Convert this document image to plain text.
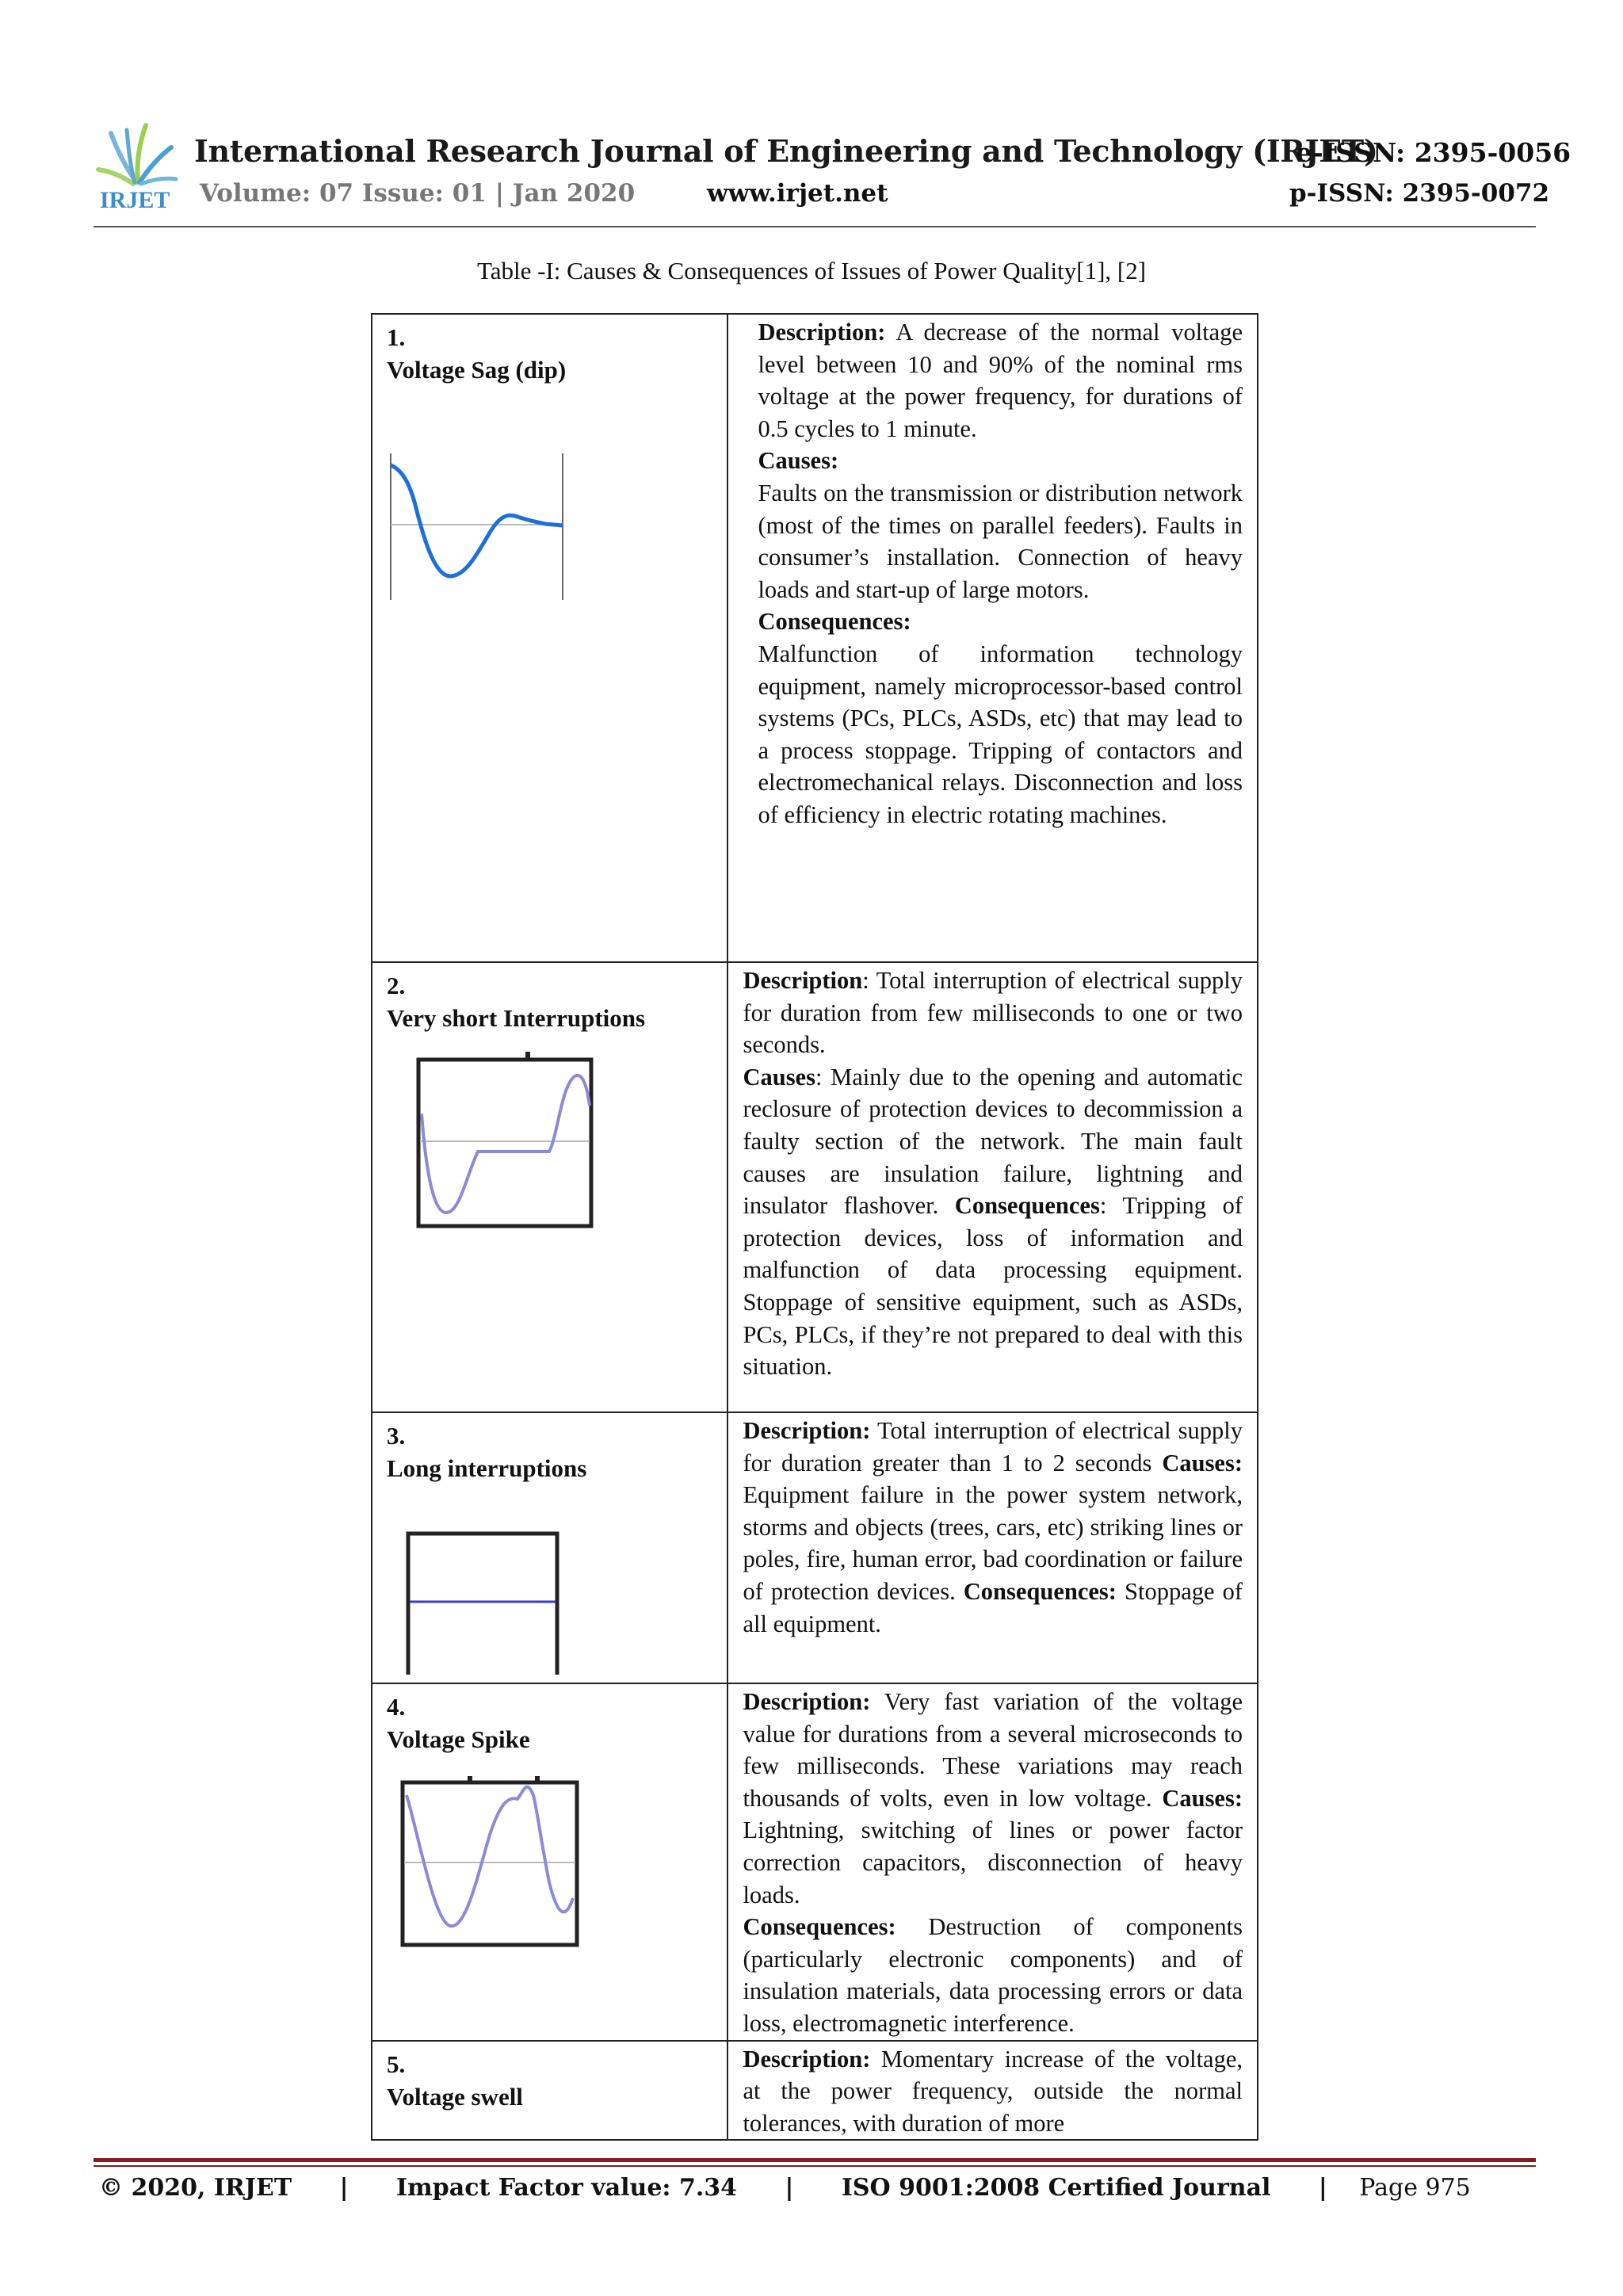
IRJET
International Research Journal of Engineering and Technology (IRJET)
e-ISSN: 2395-0056
Volume: 07 Issue: 01 | Jan 2020	www.irjet.net	p-ISSN: 2395-0072
Table -I: Causes & Consequences of Issues of Power Quality[1], [2]
1.
Voltage Sag (dip)	Description: A decrease of the normal voltage level between 10 and 90% of the nominal rms voltage at the power frequency, for durations of 0.5 cycles to 1 minute.
Causes:
Faults on the transmission or distribution network (most of the times on parallel feeders). Faults in consumer’s installation. Connection of heavy loads and start-up of large motors.
Consequences:
Malfunction of information technology equipment, namely microprocessor-based control systems (PCs, PLCs, ASDs, etc) that may lead to a process stoppage. Tripping of contactors and electromechanical relays. Disconnection and loss of efficiency in electric rotating machines.

2.
Very short Interruptions	Description: Total interruption of electrical supply for duration from few milliseconds to one or two seconds.
Causes: Mainly due to the opening and automatic reclosure of protection devices to decommission a faulty section of the network. The main fault causes are insulation failure, lightning and insulator flashover. Consequences: Tripping of protection devices, loss of information and malfunction of data processing equipment. Stoppage of sensitive equipment, such as ASDs, PCs, PLCs, if they’re not prepared to deal with this situation.

3.
Long interruptions	Description: Total interruption of electrical supply for duration greater than 1 to 2 seconds Causes: Equipment failure in the power system network, storms and objects (trees, cars, etc) striking lines or poles, fire, human error, bad coordination or failure of protection devices. Consequences: Stoppage of all equipment.

4.
Voltage Spike	Description: Very fast variation of the voltage value for durations from a several microseconds to few milliseconds. These variations may reach thousands of volts, even in low voltage. Causes: Lightning, switching of lines or power factor correction capacitors, disconnection of heavy loads.
Consequences: Destruction of components (particularly electronic components) and of insulation materials, data processing errors or data loss, electromagnetic interference.

5.
Voltage swell	Description: Momentary increase of the voltage, at the power frequency, outside the normal tolerances, with duration of more
© 2020, IRJET | Impact Factor value: 7.34 | ISO 9001:2008 Certified Journal | Page 975
